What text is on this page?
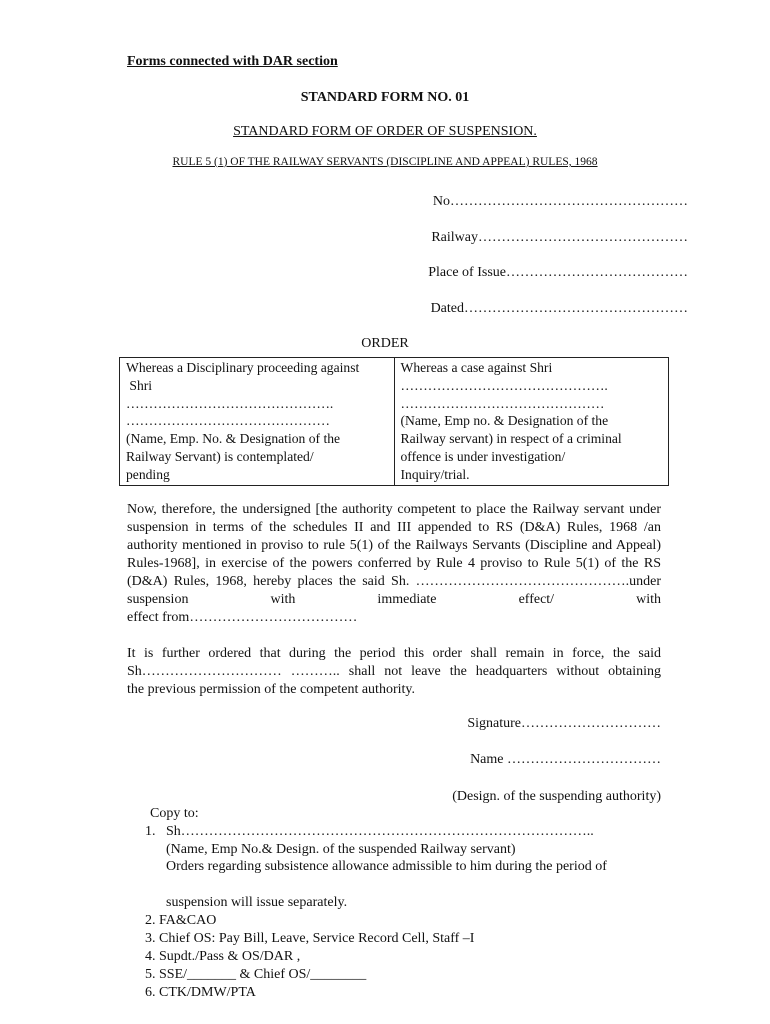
Forms connected with DAR section
STANDARD FORM NO. 01
STANDARD FORM OF ORDER OF SUSPENSION.
RULE 5 (1) OF THE RAILWAY SERVANTS (DISCIPLINE AND APPEAL) RULES, 1968
No……………………………………………
Railway………………………………………
Place of Issue…………………………………
Dated…………………………………………
ORDER
Whereas a Disciplinary proceeding against
Shri
……………………………………….
………………………………………
(Name, Emp. No. & Designation of the
Railway Servant) is contemplated/
pending

Whereas a case against Shri
……………………………………….
………………………………………
(Name, Emp no. & Designation of the
Railway servant) in respect of a criminal
offence is under investigation/
Inquiry/trial.
Now, therefore, the undersigned [the authority competent to place the Railway servant under suspension in terms of the schedules II and III appended to RS (D&A) Rules, 1968 /an authority mentioned in proviso to rule 5(1) of the Railways Servants (Discipline and Appeal) Rules-1968], in exercise of the powers conferred by Rule 4 proviso to Rule 5(1) of the RS (D&A) Rules, 1968, hereby places the said Sh. ……………………………………….under suspension with immediate effect/ with
effect from………………………………
It is further ordered that during the period this order shall remain in force, the said Sh………………………… ……….. shall not leave the headquarters without obtaining
the previous permission of the competent authority.
Signature…………………………
Name ……………………………
(Design. of the suspending authority)
Copy to:
1. Sh……………………………………………………………………………..
(Name, Emp No.& Design. of the suspended Railway servant)
Orders regarding subsistence allowance admissible to him during the period of
suspension will issue separately.
2. FA&CAO
3. Chief OS: Pay Bill, Leave, Service Record Cell, Staff –I
4. Supdt./Pass & OS/DAR ,
5. SSE/_______ & Chief OS/________
6. CTK/DMW/PTA
